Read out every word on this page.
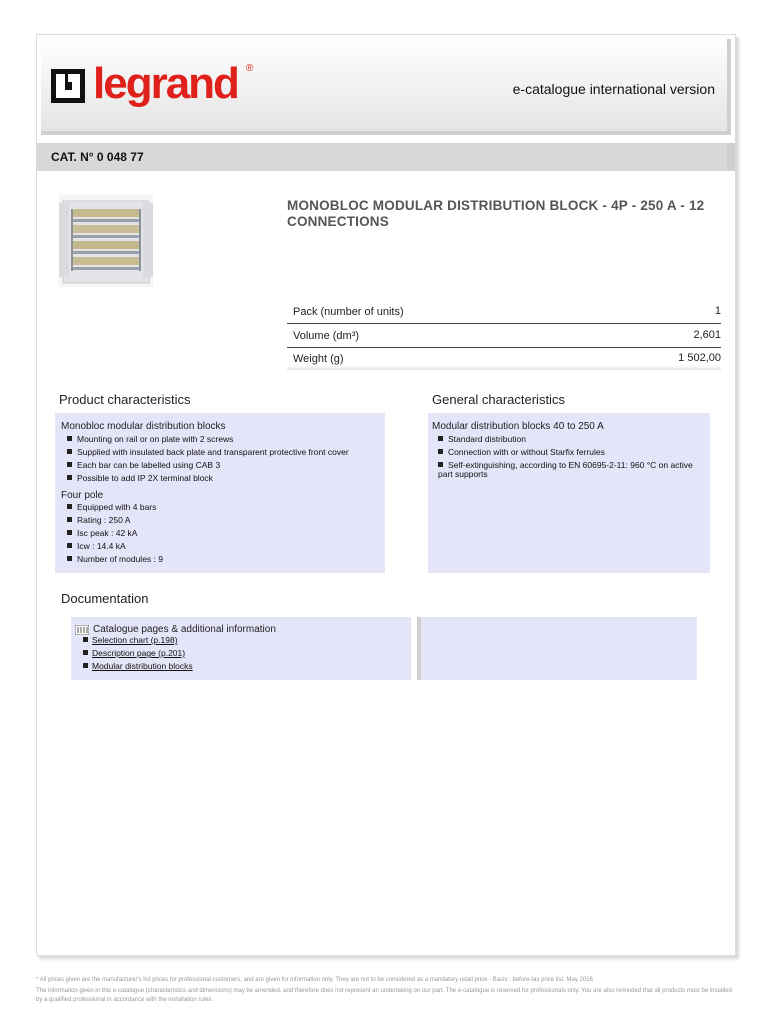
legrand ®
e-catalogue international version
CAT. N° 0 048 77
MONOBLOC MODULAR DISTRIBUTION BLOCK - 4P - 250 A - 12 CONNECTIONS
Pack (number of units)	1
Volume (dm³)	2,601
Weight (g)	1 502,00
Product characteristics
Monobloc modular distribution blocks
Mounting on rail or on plate with 2 screws
Supplied with insulated back plate and transparent protective front cover
Each bar can be labelled using CAB 3
Possible to add IP 2X terminal block
Four pole
Equipped with 4 bars
Rating : 250 A
Isc peak : 42 kA
Icw : 14.4 kA
Number of modules : 9
General characteristics
Modular distribution blocks 40 to 250 A
Standard distribution
Connection with or without Starfix ferrules
Self-extinguishing, according to EN 60695-2-11: 960 °C on active part supports
Documentation
Catalogue pages & additional information
Selection chart (p.198)
Description page (p.201)
Modular distribution blocks

* All prices given are the manufacturer's list prices for professional customers, and are given for information only. They are not to be considered as a mandatory retail price - Basis : before-tax price list, May 2016

The information given in this e-catalogue (characteristics and dimensions) may be amended, and therefore does not represent an undertaking on our part. The e-catalogue is reserved for professionals only. You are also reminded that all products must be installed by a qualified professional in accordance with the installation rules.
